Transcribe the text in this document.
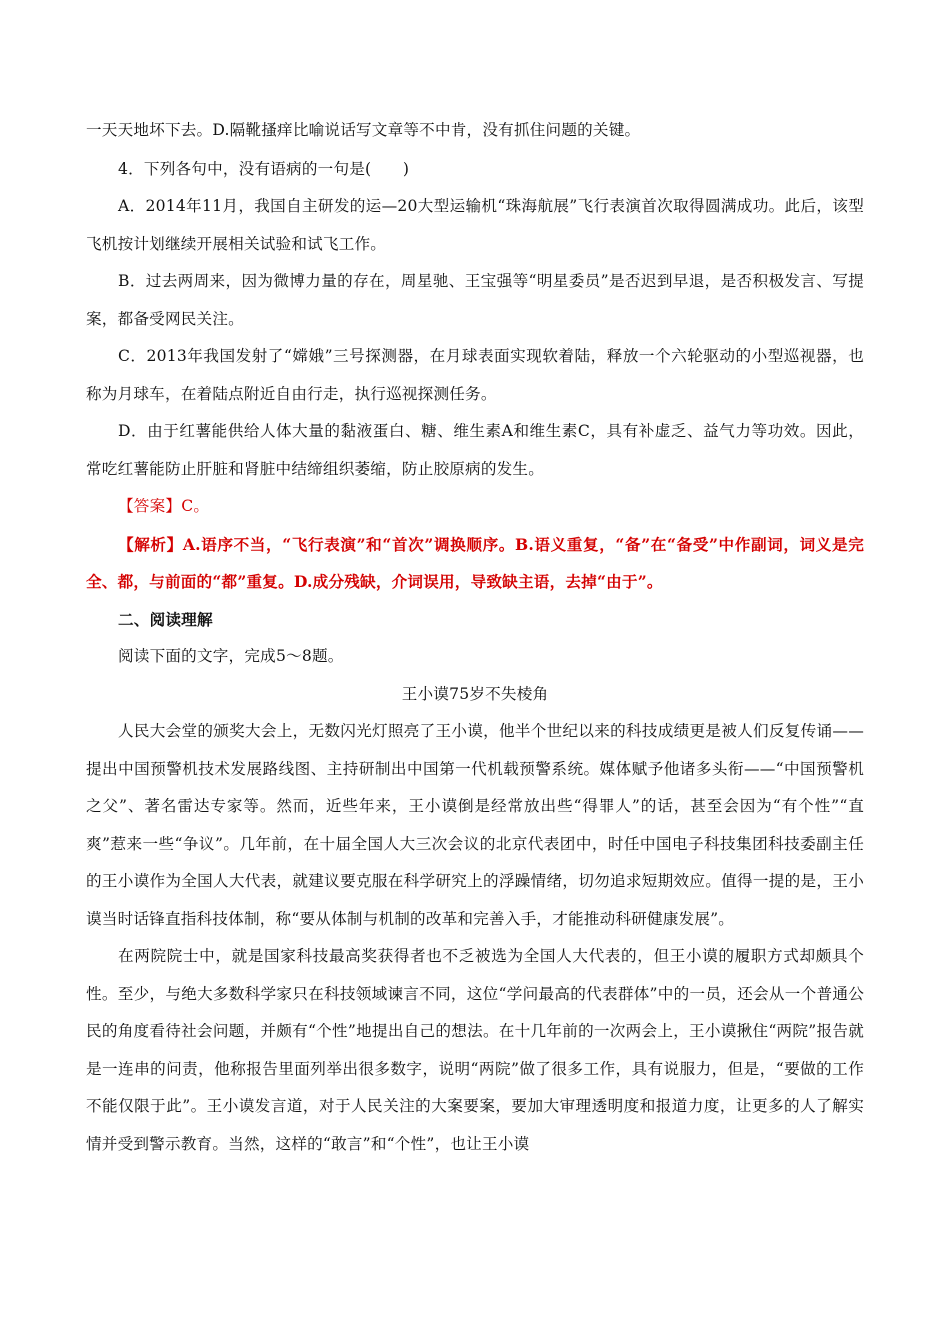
一天天地坏下去。D.隔靴搔痒比喻说话写文章等不中肯，没有抓住问题的关键。

4．下列各句中，没有语病的一句是(　　)

A．2014年11月，我国自主研发的运—20大型运输机“珠海航展”飞行表演首次取得圆满成功。此后，该型飞机按计划继续开展相关试验和试飞工作。

B．过去两周来，因为微博力量的存在，周星驰、王宝强等“明星委员”是否迟到早退，是否积极发言、写提案，都备受网民关注。

C．2013年我国发射了“嫦娥”三号探测器，在月球表面实现软着陆，释放一个六轮驱动的小型巡视器，也称为月球车，在着陆点附近自由行走，执行巡视探测任务。

D．由于红薯能供给人体大量的黏液蛋白、糖、维生素A和维生素C，具有补虚乏、益气力等功效。因此，常吃红薯能防止肝脏和肾脏中结缔组织萎缩，防止胶原病的发生。

【答案】C。

【解析】A.语序不当，“飞行表演”和“首次”调换顺序。B.语义重复，“备”在“备受”中作副词，词义是完全、都，与前面的“都”重复。D.成分残缺，介词误用，导致缺主语，去掉“由于”。

二、阅读理解

阅读下面的文字，完成5～8题。

王小谟75岁不失棱角

人民大会堂的颁奖大会上，无数闪光灯照亮了王小谟，他半个世纪以来的科技成绩更是被人们反复传诵——提出中国预警机技术发展路线图、主持研制出中国第一代机载预警系统。媒体赋予他诸多头衔——“中国预警机之父”、著名雷达专家等。然而，近些年来，王小谟倒是经常放出些“得罪人”的话，甚至会因为“有个性”“直爽”惹来一些“争议”。几年前，在十届全国人大三次会议的北京代表团中，时任中国电子科技集团科技委副主任的王小谟作为全国人大代表，就建议要克服在科学研究上的浮躁情绪，切勿追求短期效应。值得一提的是，王小谟当时话锋直指科技体制，称“要从体制与机制的改革和完善入手，才能推动科研健康发展”。

在两院院士中，就是国家科技最高奖获得者也不乏被选为全国人大代表的，但王小谟的履职方式却颇具个性。至少，与绝大多数科学家只在科技领域谏言不同，这位“学问最高的代表群体”中的一员，还会从一个普通公民的角度看待社会问题，并颇有“个性”地提出自己的想法。在十几年前的一次两会上，王小谟揪住“两院”报告就是一连串的问责，他称报告里面列举出很多数字，说明“两院”做了很多工作，具有说服力，但是，“要做的工作不能仅限于此”。王小谟发言道，对于人民关注的大案要案，要加大审理透明度和报道力度，让更多的人了解实情并受到警示教育。当然，这样的“敢言”和“个性”，也让王小谟
